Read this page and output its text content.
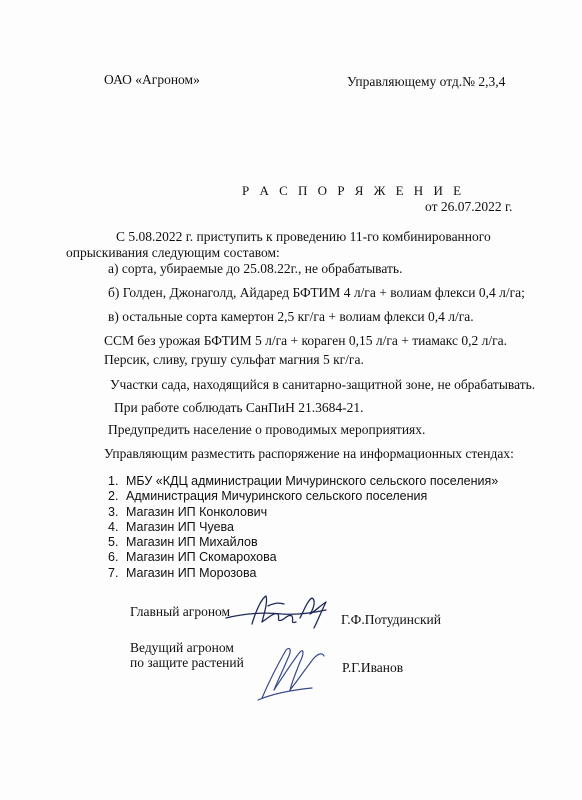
ОАО «Агроном»	Управляющему отд.№ 2,3,4
Р А С П О Р Я Ж Е Н И Е
от 26.07.2022 г.
С 5.08.2022 г. приступить к проведению 11-го комбинированного
опрыскивания следующим составом:
а) сорта, убираемые до 25.08.22г., не обрабатывать.
б) Голден, Джонаголд, Айдаред БФТИМ 4 л/га + волиам флекси 0,4 л/га;
в) остальные сорта камертон 2,5 кг/га + волиам флекси 0,4 л/га.
ССМ без урожая БФТИМ 5 л/га + кораген 0,15 л/га + тиамакс 0,2 л/га.
Персик, сливу, грушу сульфат магния 5 кг/га.
Участки сада, находящийся в санитарно-защитной зоне, не обрабатывать.
При работе соблюдать СанПиН 21.3684-21.
Предупредить население о проводимых мероприятиях.
Управляющим разместить распоряжение на информационных стендах:
1. МБУ «КДЦ администрации Мичуринского сельского поселения»
2. Администрация Мичуринского сельского поселения
3. Магазин ИП Конколович
4. Магазин ИП Чуева
5. Магазин ИП Михайлов
6. Магазин ИП Скомарохова
7. Магазин ИП Морозова
Главный агроном
Г.Ф.Потудинский
Ведущий агроном
по защите растений	Р.Г.Иванов
